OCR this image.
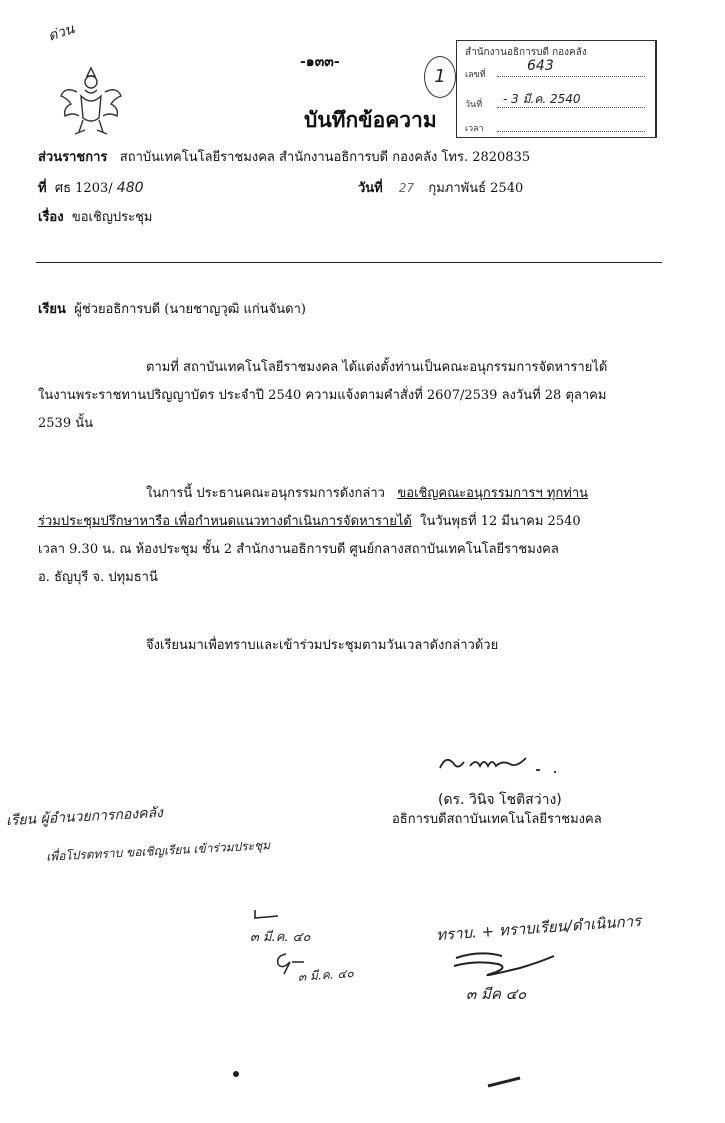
ด่วน
-๑๓๓-
1
สำนักงานอธิการบดี กองคลัง
เลขที่
643
วันที่ - 3 มี.ค. 2540
เวลา
บันทึกข้อความ
ส่วนราชการ สถาบันเทคโนโลยีราชมงคล สำนักงานอธิการบดี กองคลัง โทร. 2820835
ที่ ศธ 1203/ 480	วันที่ 27 กุมภาพันธ์ 2540
เรื่อง ขอเชิญประชุม
เรียน ผู้ช่วยอธิการบดี (นายชาญวุฒิ แก่นจันดา)
ตามที่ สถาบันเทคโนโลยีราชมงคล ได้แต่งตั้งท่านเป็นคณะอนุกรรมการจัดหารายได้
ในงานพระราชทานปริญญาบัตร ประจำปี 2540 ความแจ้งตามคำสั่งที่ 2607/2539 ลงวันที่ 28 ตุลาคม
2539 นั้น
ในการนี้ ประธานคณะอนุกรรมการดังกล่าว ขอเชิญคณะอนุกรรมการฯ ทุกท่าน
ร่วมประชุมปรึกษาหารือ เพื่อกำหนดแนวทางดำเนินการจัดหารายได้ ในวันพุธที่ 12 มีนาคม 2540
เวลา 9.30 น. ณ ห้องประชุม ชั้น 2 สำนักงานอธิการบดี ศูนย์กลางสถาบันเทคโนโลยีราชมงคล
อ. ธัญบุรี จ. ปทุมธานี
จึงเรียนมาเพื่อทราบและเข้าร่วมประชุมตามวันเวลาดังกล่าวด้วย
(ดร. วินิจ โชติสว่าง)
อธิการบดีสถาบันเทคโนโลยีราชมงคล
เรียน ผู้อำนวยการกองคลัง
เพื่อโปรดทราบ ขอเชิญเรียน เข้าร่วมประชุม
๓ มี.ค. ๔๐
๓ มี.ค. ๔๐
ทราบ. + ทราบเรียน/ดำเนินการ
๓ มีค ๔๐
